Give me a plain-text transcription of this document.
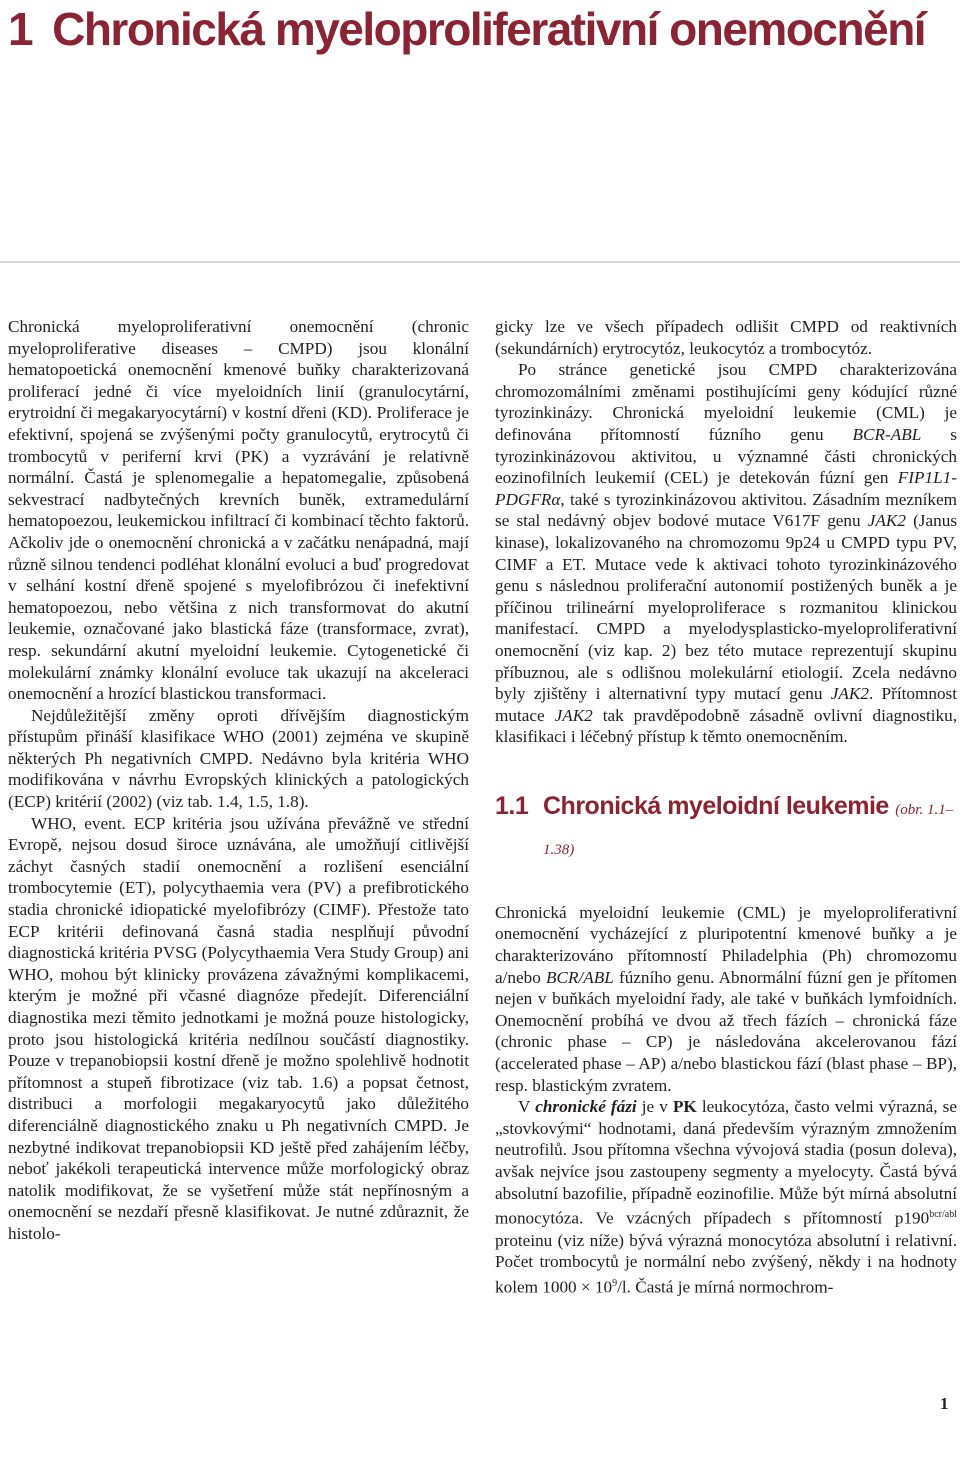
1 Chronická myeloproliferativní onemocnění

Chronická myeloproliferativní onemocnění (chronic myeloproliferative diseases – CMPD) jsou klonální hematopoetická onemocnění kmenové buňky charakterizovaná proliferací jedné či více myeloidních linií (granulocytární, erytroidní či megakaryocytární) v kostní dřeni (KD). Proliferace je efektivní, spojená se zvýšenými počty granulocytů, erytrocytů či trombocytů v periferní krvi (PK) a vyzrávání je relativně normální. Častá je splenomegalie a hepatomegalie, způsobená sekvestrací nadbytečných krevních buněk, extramedulární hematopoezou, leukemickou infiltrací či kombinací těchto faktorů. Ačkoliv jde o onemocnění chronická a v začátku nenápadná, mají různě silnou tendenci podléhat klonální evoluci a buď progredovat v selhání kostní dřeně spojené s myelofibrózou či inefektivní hematopoezou, nebo většina z nich transformovat do akutní leukemie, označované jako blastická fáze (transformace, zvrat), resp. sekundární akutní myeloidní leukemie. Cytogenetické či molekulární známky klonální evoluce tak ukazují na akceleraci onemocnění a hrozící blastickou transformaci.

Nejdůležitější změny oproti dřívějším diagnostickým přístupům přináší klasifikace WHO (2001) zejména ve skupině některých Ph negativních CMPD. Nedávno byla kritéria WHO modifikována v návrhu Evropských klinických a patologických (ECP) kritérií (2002) (viz tab. 1.4, 1.5, 1.8).

WHO, event. ECP kritéria jsou užívána převážně ve střední Evropě, nejsou dosud široce uznávána, ale umožňují citlivější záchyt časných stadií onemocnění a rozlišení esenciální trombocytemie (ET), polycythaemia vera (PV) a prefibrotického stadia chronické idiopatické myelofibrózy (CIMF). Přestože tato ECP kritérii definovaná časná stadia nesplňují původní diagnostická kritéria PVSG (Polycythaemia Vera Study Group) ani WHO, mohou být klinicky provázena závažnými komplikacemi, kterým je možné při včasné diagnóze předejít. Diferenciální diagnostika mezi těmito jednotkami je možná pouze histologicky, proto jsou histologická kritéria nedílnou součástí diagnostiky. Pouze v trepanobiopsii kostní dřeně je možno spolehlivě hodnotit přítomnost a stupeň fibrotizace (viz tab. 1.6) a popsat četnost, distribuci a morfologii megakaryocytů jako důležitého diferenciálně diagnostického znaku u Ph negativních CMPD. Je nezbytné indikovat trepanobiopsii KD ještě před zahájením léčby, neboť jakékoli terapeutická intervence může morfologický obraz natolik modifikovat, že se vyšetření může stát nepřínosným a onemocnění se nezdaří přesně klasifikovat. Je nutné zdůraznit, že histolo-

gicky lze ve všech případech odlišit CMPD od reaktivních (sekundárních) erytrocytóz, leukocytóz a trombocytóz.

Po stránce genetické jsou CMPD charakterizována chromozomálními změnami postihujícími geny kódující různé tyrozinkinázy. Chronická myeloidní leukemie (CML) je definována přítomností fúzního genu BCR-ABL s tyrozinkinázovou aktivitou, u významné části chronických eozinofilních leukemií (CEL) je detekován fúzní gen FIP1L1-PDGFRα, také s tyrozinkinázovou aktivitou. Zásadním mezníkem se stal nedávný objev bodové mutace V617F genu JAK2 (Janus kinase), lokalizovaného na chromozomu 9p24 u CMPD typu PV, CIMF a ET. Mutace vede k aktivaci tohoto tyrozinkinázového genu s následnou proliferační autonomií postižených buněk a je příčinou trilineární myeloproliferace s rozmanitou klinickou manifestací. CMPD a myelodysplasticko-myeloproliferativní onemocnění (viz kap. 2) bez této mutace reprezentují skupinu příbuznou, ale s odlišnou molekulární etiologií. Zcela nedávno byly zjištěny i alternativní typy mutací genu JAK2. Přítomnost mutace JAK2 tak pravděpodobně zásadně ovlivní diagnostiku, klasifikaci i léčebný přístup k těmto onemocněním.

1.1 Chronická myeloidní leukemie (obr. 1.1–1.38)

Chronická myeloidní leukemie (CML) je myeloproliferativní onemocnění vycházející z pluripotentní kmenové buňky a je charakterizováno přítomností Philadelphia (Ph) chromozomu a/nebo BCR/ABL fúzního genu. Abnormální fúzní gen je přítomen nejen v buňkách myeloidní řady, ale také v buňkách lymfoidních. Onemocnění probíhá ve dvou až třech fázích – chronická fáze (chronic phase – CP) je následována akcelerovanou fází (accelerated phase – AP) a/nebo blastickou fází (blast phase – BP), resp. blastickým zvratem.

V chronické fázi je v PK leukocytóza, často velmi výrazná, se „stovkovými“ hodnotami, daná především výrazným zmnožením neutrofilů. Jsou přítomna všechna vývojová stadia (posun doleva), avšak nejvíce jsou zastoupeny segmenty a myelocyty. Častá bývá absolutní bazofilie, případně eozinofilie. Může být mírná absolutní monocytóza. Ve vzácných případech s přítomností $p190^{bcr/abl}$ proteinu (viz níže) bývá výrazná monocytóza absolutní i relativní. Počet trombocytů je normální nebo zvýšený, někdy i na hodnoty kolem $1000 \times 10^9/l$. Častá je mírná normochrom-

1
